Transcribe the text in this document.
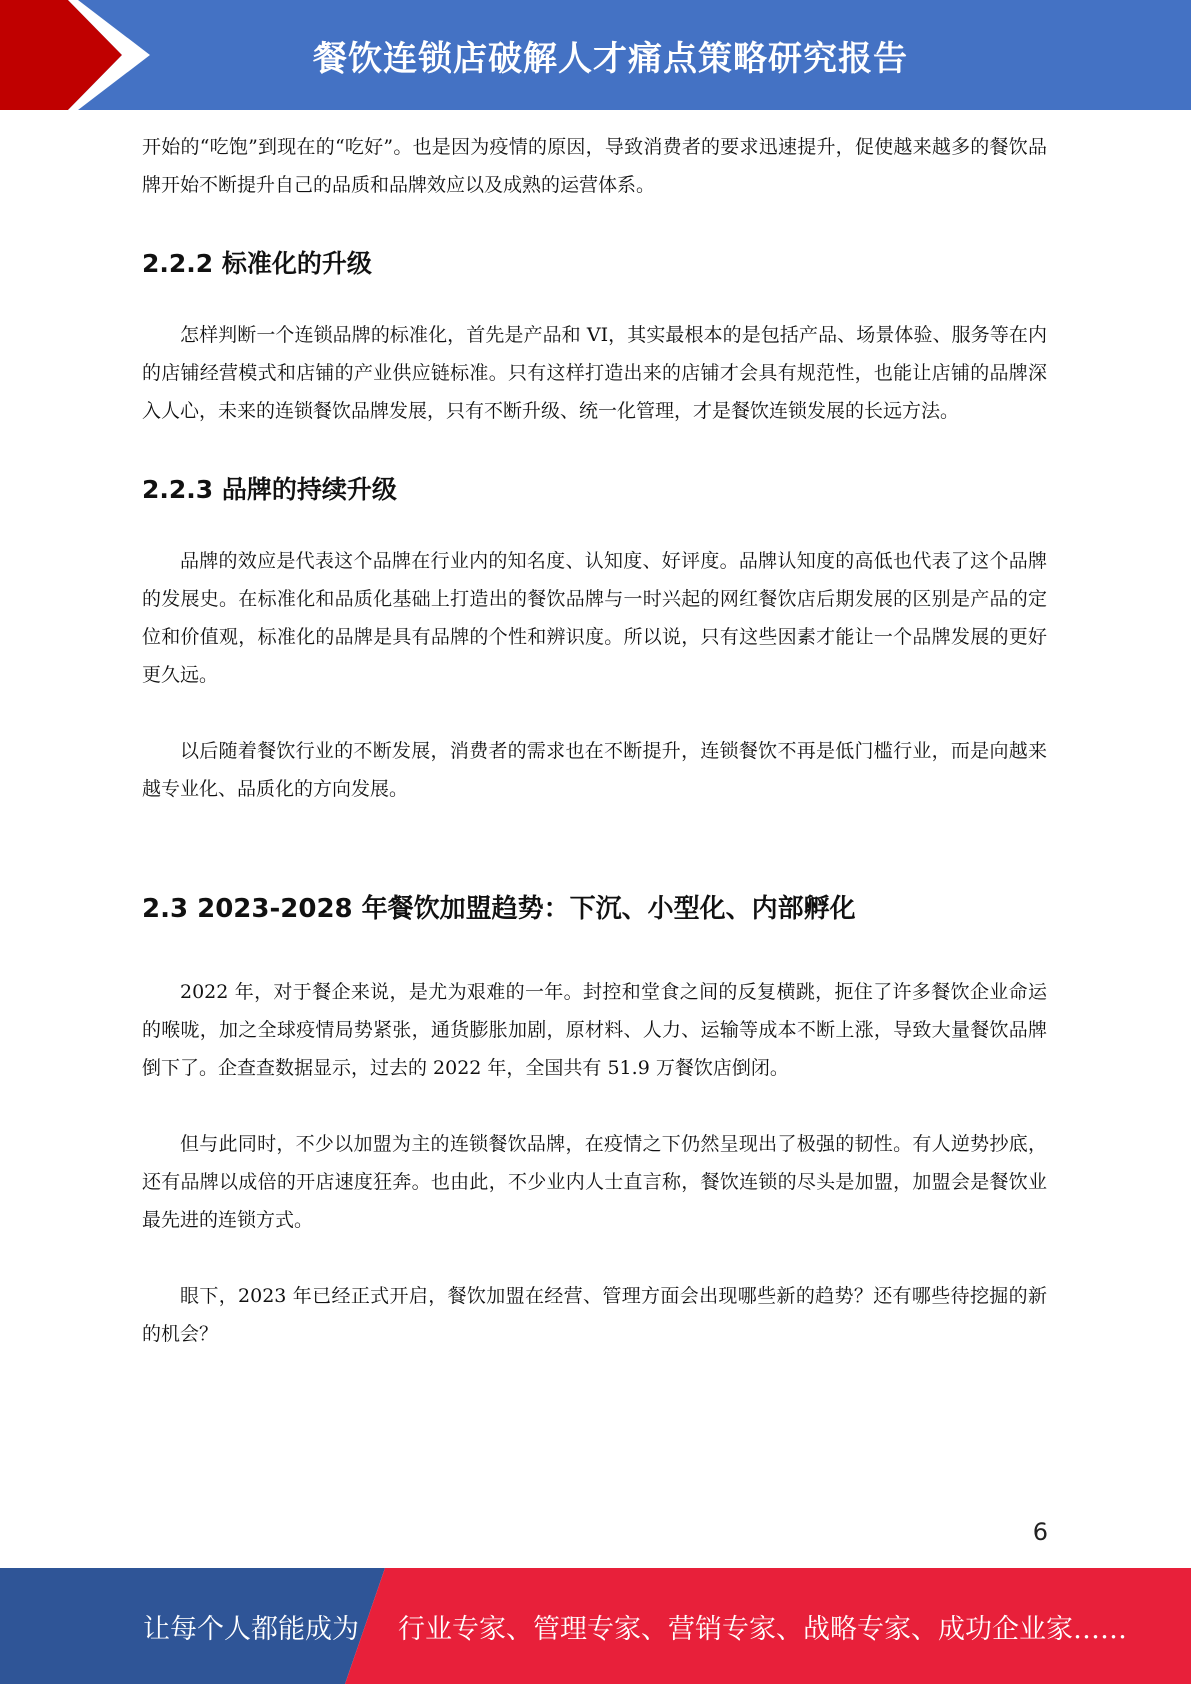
餐饮连锁店破解人才痛点策略研究报告

开始的“吃饱”到现在的“吃好”。也是因为疫情的原因，导致消费者的要求迅速提升，促使越来越多的餐饮品牌开始不断提升自己的品质和品牌效应以及成熟的运营体系。

2.2.2 标准化的升级

怎样判断一个连锁品牌的标准化，首先是产品和 VI，其实最根本的是包括产品、场景体验、服务等在内的店铺经营模式和店铺的产业供应链标准。只有这样打造出来的店铺才会具有规范性，也能让店铺的品牌深入人心，未来的连锁餐饮品牌发展，只有不断升级、统一化管理，才是餐饮连锁发展的长远方法。

2.2.3 品牌的持续升级

品牌的效应是代表这个品牌在行业内的知名度、认知度、好评度。品牌认知度的高低也代表了这个品牌的发展史。在标准化和品质化基础上打造出的餐饮品牌与一时兴起的网红餐饮店后期发展的区别是产品的定位和价值观，标准化的品牌是具有品牌的个性和辨识度。所以说，只有这些因素才能让一个品牌发展的更好更久远。

以后随着餐饮行业的不断发展，消费者的需求也在不断提升，连锁餐饮不再是低门槛行业，而是向越来越专业化、品质化的方向发展。

2.3 2023-2028 年餐饮加盟趋势：下沉、小型化、内部孵化

2022 年，对于餐企来说，是尤为艰难的一年。封控和堂食之间的反复横跳，扼住了许多餐饮企业命运的喉咙，加之全球疫情局势紧张，通货膨胀加剧，原材料、人力、运输等成本不断上涨，导致大量餐饮品牌倒下了。企查查数据显示，过去的 2022 年，全国共有 51.9 万餐饮店倒闭。

但与此同时，不少以加盟为主的连锁餐饮品牌，在疫情之下仍然呈现出了极强的韧性。有人逆势抄底，还有品牌以成倍的开店速度狂奔。也由此，不少业内人士直言称，餐饮连锁的尽头是加盟，加盟会是餐饮业最先进的连锁方式。

眼下，2023 年已经正式开启，餐饮加盟在经营、管理方面会出现哪些新的趋势？还有哪些待挖掘的新的机会？

6
让每个人都能成为 行业专家、管理专家、营销专家、战略专家、成功企业家……
